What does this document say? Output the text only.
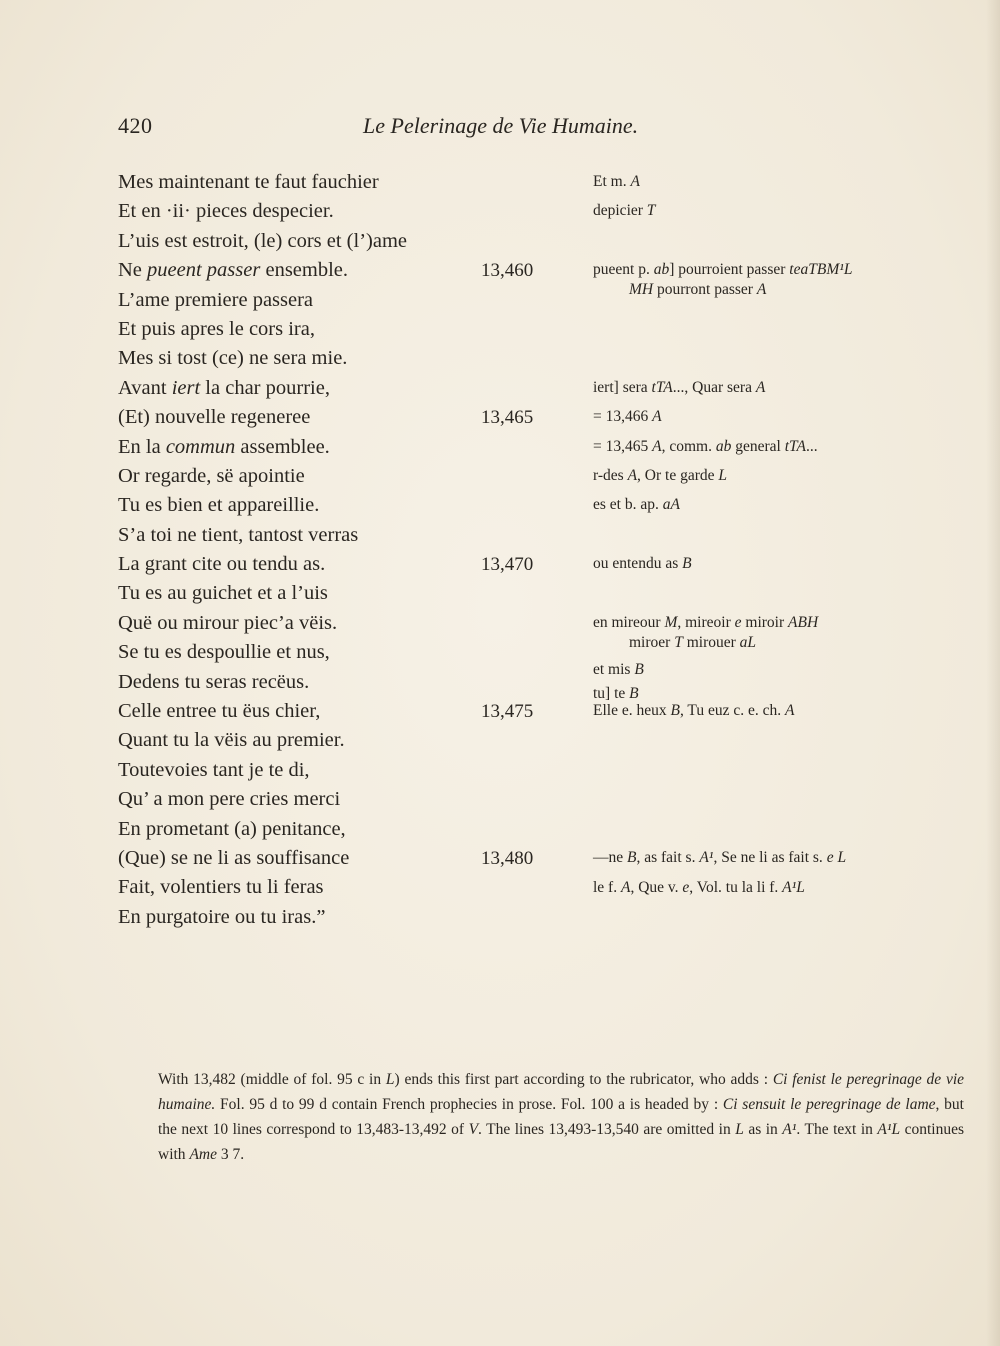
420	Le Pelerinage de Vie Humaine.
Mes maintenant te faut fauchier
Et en ·ii· pieces despecier.
L’uis est estroit, (le) cors et (l’)ame
Ne pueent passer ensemble.
L’ame premiere passera
Et puis apres le cors ira,
Mes si tost (ce) ne sera mie.
Avant iert la char pourrie,
(Et) nouvelle regeneree
En la commun assemblee.
Or regarde, së apointie
Tu es bien et appareillie.
S’a toi ne tient, tantost verras
La grant cite ou tendu as.
Tu es au guichet et a l’uis
Quë ou mirour piec’a vëis.
Se tu es despoullie et nus,
Dedens tu seras recëus.
Celle entree tu ëus chier,
Quant tu la vëis au premier.
Toutevoies tant je te di,
Qu’ a mon pere cries merci
En prometant (a) penitance,
(Que) se ne li as souffisance
Fait, volentiers tu li feras
En purgatoire ou tu iras.”
13,460
13,465
13,470
13,475
13,480
Et m. A
depicier T
pueent p. ab] pourroient passer teaTBM¹L
MH pourront passer A
iert] sera tTA..., Quar sera A
= 13,466 A
= 13,465 A, comm. ab general tTA...
r-des A, Or te garde L
es et b. ap. aA
ou entendu as B
en mireour M, mireoir e miroir ABH
miroer T mirouer aL
et mis B
tu] te B
Elle e. heux B, Tu euz c. e. ch. A
—ne B, as fait s. A¹, Se ne li as fait s. e L
le f. A, Que v. e, Vol. tu la li f. A¹L
With 13,482 (middle of fol. 95 c in L) ends this first part according to the rubricator, who adds : Ci fenist le peregrinage de vie humaine. Fol. 95 d to 99 d contain French prophecies in prose. Fol. 100 a is headed by : Ci sensuit le peregrinage de lame, but the next 10 lines correspond to 13,483-13,492 of V. The lines 13,493-13,540 are omitted in L as in A¹. The text in A¹L continues with Ame 3 7.
